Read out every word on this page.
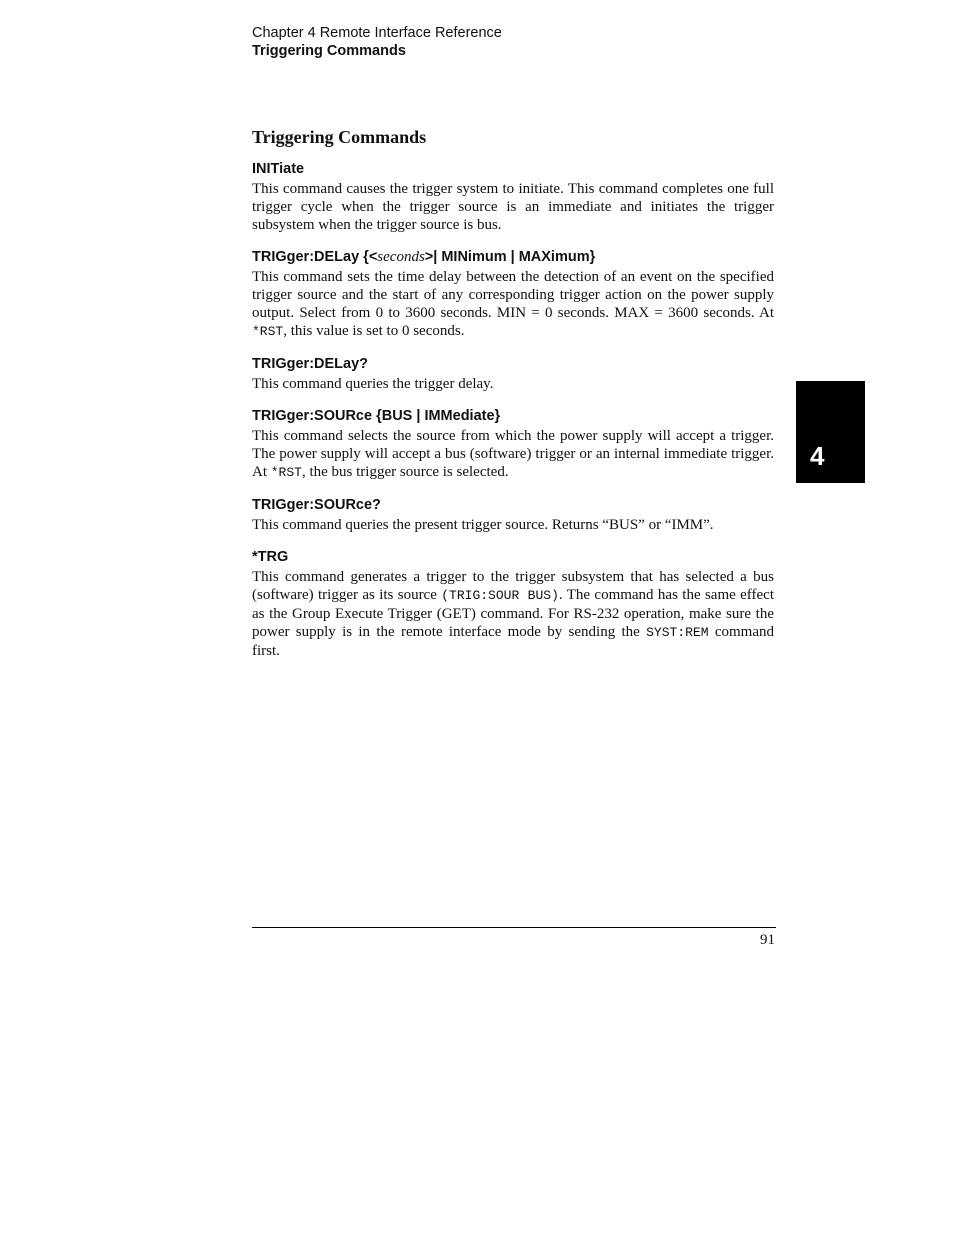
Chapter 4 Remote Interface Reference
Triggering Commands
Triggering Commands

INITiate

This command causes the trigger system to initiate. This command completes one full trigger cycle when the trigger source is an immediate and initiates the trigger subsystem when the trigger source is bus.

TRIGger:DELay {<seconds>| MINimum | MAXimum}

This command sets the time delay between the detection of an event on the specified trigger source and the start of any corresponding trigger action on the power supply output. Select from 0 to 3600 seconds. MIN = 0 seconds. MAX = 3600 seconds. At *RST, this value is set to 0 seconds.

TRIGger:DELay?

This command queries the trigger delay.

TRIGger:SOURce {BUS | IMMediate}

This command selects the source from which the power supply will accept a trigger. The power supply will accept a bus (software) trigger or an internal immediate trigger. At *RST, the bus trigger source is selected.

TRIGger:SOURce?

This command queries the present trigger source. Returns “BUS” or “IMM”.

*TRG

This command generates a trigger to the trigger subsystem that has selected a bus (software) trigger as its source (TRIG:SOUR BUS). The command has the same effect as the Group Execute Trigger (GET) command. For RS-232 operation, make sure the power supply is in the remote interface mode by sending the SYST:REM command first.

4
91
